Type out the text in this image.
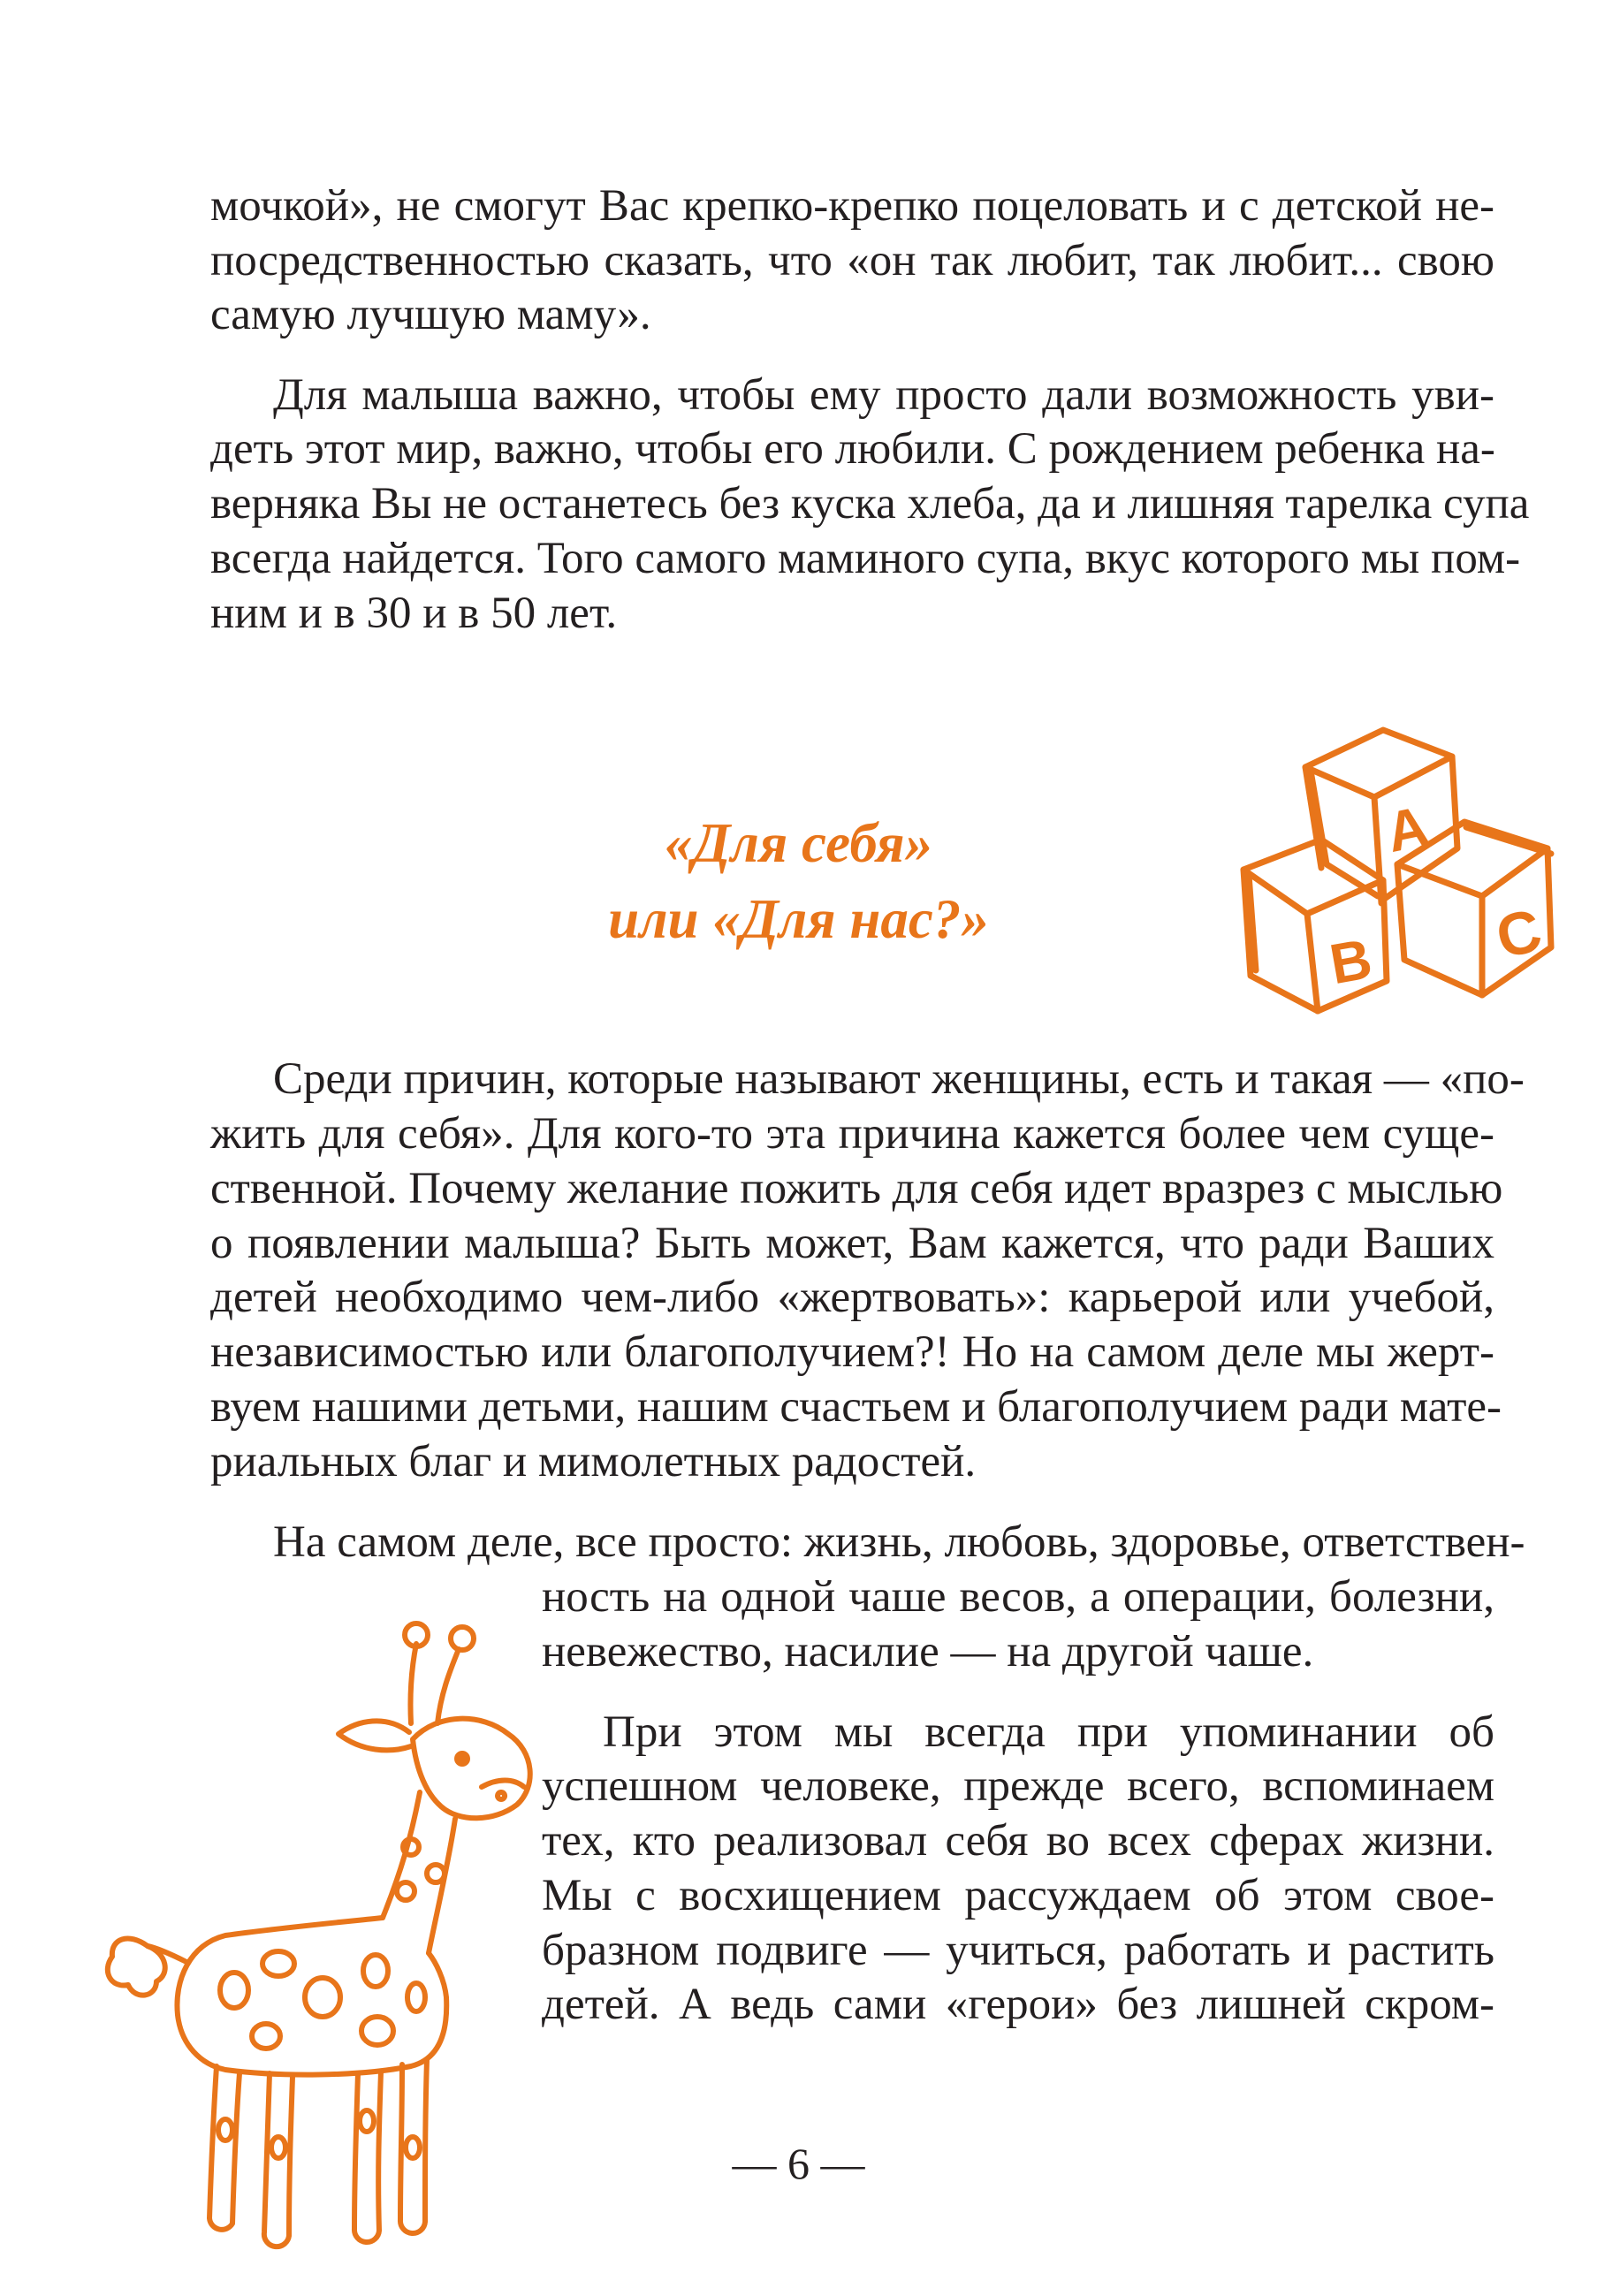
мочкой», не смогут Вас крепко-крепко поцеловать и с детской не-
посредственностью сказать, что «он так любит, так любит... свою
самую лучшую маму».
Для малыша важно, чтобы ему просто дали возможность уви-
деть этот мир, важно, чтобы его любили. С рождением ребенка на-
верняка Вы не останетесь без куска хлеба, да и лишняя тарелка супа
всегда найдется. Того самого маминого супа, вкус которого мы пом-
ним и в 30 и в 50 лет.
«Для себя»
или «Для нас?»
A
B C
Среди причин, которые называют женщины, есть и такая — «по-
жить для себя». Для кого-то эта причина кажется более чем суще-
ственной. Почему желание пожить для себя идет вразрез с мыслью
о появлении малыша? Быть может, Вам кажется, что ради Ваших
детей необходимо чем-либо «жертвовать»: карьерой или учебой,
независимостью или благополучием?! Но на самом деле мы жерт-
вуем нашими детьми, нашим счастьем и благополучием ради мате-
риальных благ и мимолетных радостей.
На самом деле, все просто: жизнь, любовь, здоровье, ответствен-
ность на одной чаше весов, а операции, болезни,
невежество, насилие — на другой чаше.
При этом мы всегда при упоминании об
успешном человеке, прежде всего, вспоминаем
тех, кто реализовал себя во всех сферах жизни.
Мы с восхищением рассуждаем об этом свое-
бразном подвиге — учиться, работать и растить
детей. А ведь сами «герои» без лишней скром-
— 6 —
